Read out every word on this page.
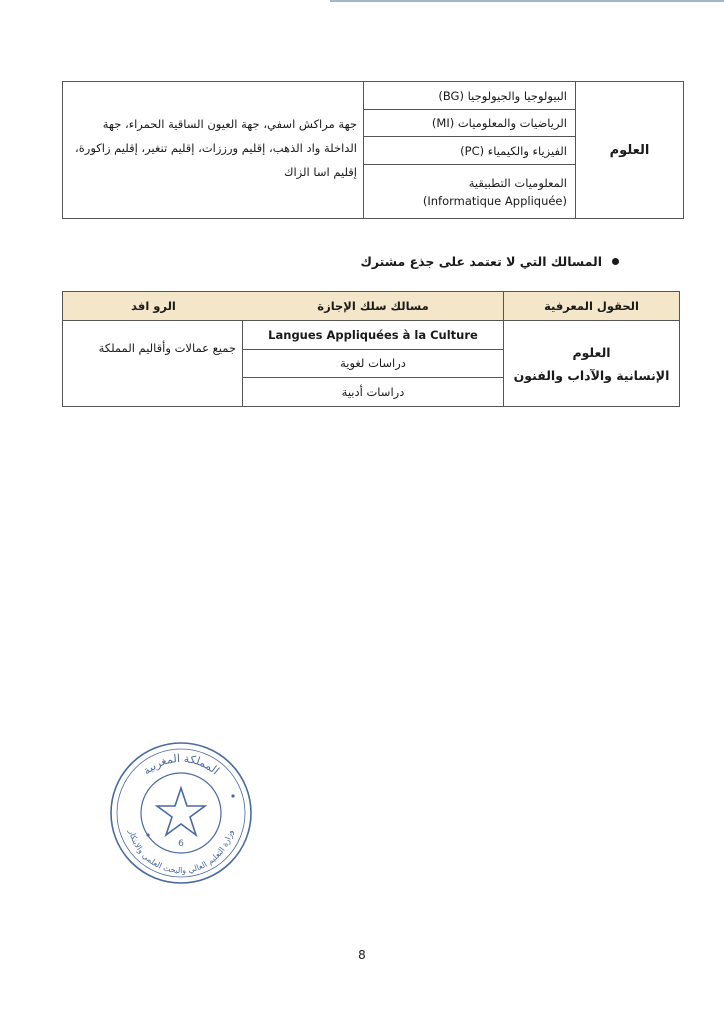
العلوم
البيولوجيا والجيولوجيا (BG)
الرياضيات والمعلوميات (MI)
الفيزياء والكيمياء (PC)
المعلوميات التطبيقية
(Informatique Appliquée)
جهة مراكش اسفي، جهة العيون الساقية الحمراء، جهة الداخلة واد الذهب، إقليم ورززات، إقليم تنغير، إقليم زاكورة، إقليم اسا الزاك
المسالك التي لا تعتمد على جذع مشترك
الحقول المعرفية
مسالك سلك الإجازة
الرو افد
العلوم
الإنسانية والآداب والفنون
Langues Appliquées à la Culture
دراسات لغوية
دراسات أدبية
جميع عمالات وأقاليم المملكة
المملكة المغربية
وزارة التعليم العالي والبحث العلمي والابتكار
6
8
